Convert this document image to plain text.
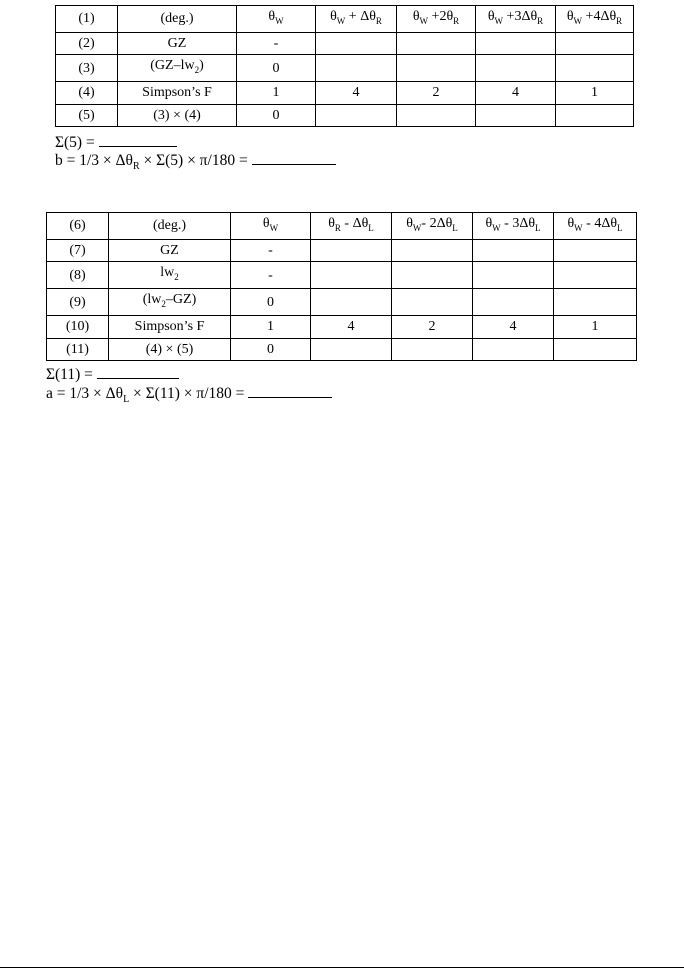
(1)	(deg.)	$\theta_W$	$\theta_W + \Delta\theta_R$	$\theta_W +2\theta_R$	$\theta_W +3\Delta\theta_R$	$\theta_W +4\Delta\theta_R$
(2)	GZ	-				
(3)	$(GZ-lw_2)$	0				
(4)	Simpson’s F	1	4	2	4	1
(5)	(3) × (4)	0				
Σ(5) =
$b = 1/3 \times \Delta\theta_R \times \Sigma(5) \times \pi/180$ =
(6)	(deg.)	$\theta_W$	$\theta_R - \Delta\theta_L$	$\theta_W-$ $2\Delta\theta_L$	$\theta_W - 3\Delta\theta_L$	$\theta_W - 4\Delta\theta_L$
(7)	GZ	-				
(8)	$lw_2$	-				
(9)	$(lw_2-GZ)$	0				
(10)	Simpson’s F	1	4	2	4	1
(11)	(4) × (5)	0				
Σ(11) =
$a = 1/3 \times \Delta\theta_L \times \Sigma(11) \times \pi/180$ =
